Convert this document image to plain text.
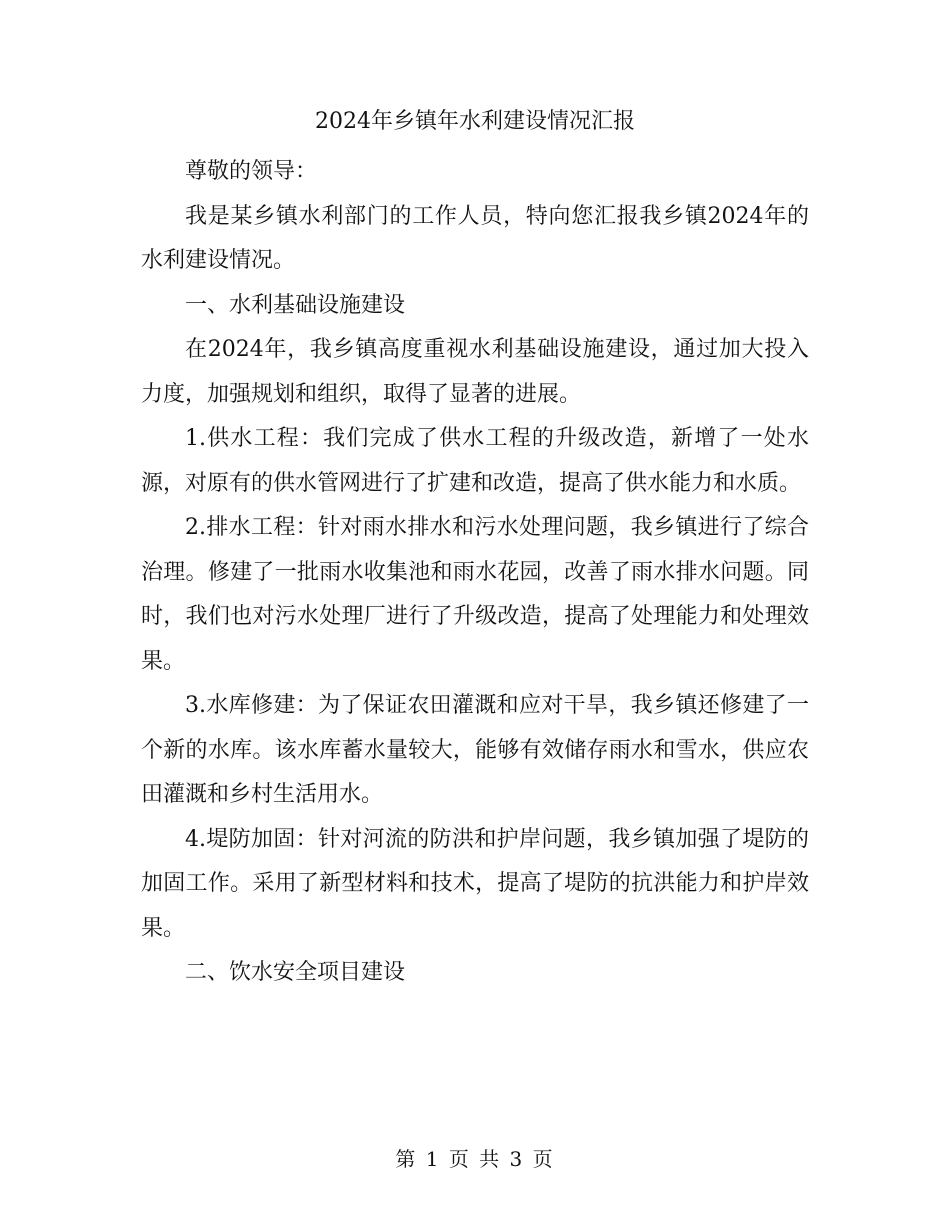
2024年乡镇年水利建设情况汇报

尊敬的领导：

我是某乡镇水利部门的工作人员，特向您汇报我乡镇2024年的水利建设情况。

一、水利基础设施建设

在2024年，我乡镇高度重视水利基础设施建设，通过加大投入力度，加强规划和组织，取得了显著的进展。

1.供水工程：我们完成了供水工程的升级改造，新增了一处水源，对原有的供水管网进行了扩建和改造，提高了供水能力和水质。

2.排水工程：针对雨水排水和污水处理问题，我乡镇进行了综合治理。修建了一批雨水收集池和雨水花园，改善了雨水排水问题。同时，我们也对污水处理厂进行了升级改造，提高了处理能力和处理效果。

3.水库修建：为了保证农田灌溉和应对干旱，我乡镇还修建了一个新的水库。该水库蓄水量较大，能够有效储存雨水和雪水，供应农田灌溉和乡村生活用水。

4.堤防加固：针对河流的防洪和护岸问题，我乡镇加强了堤防的加固工作。采用了新型材料和技术，提高了堤防的抗洪能力和护岸效果。

二、饮水安全项目建设

第 1 页 共 3 页
